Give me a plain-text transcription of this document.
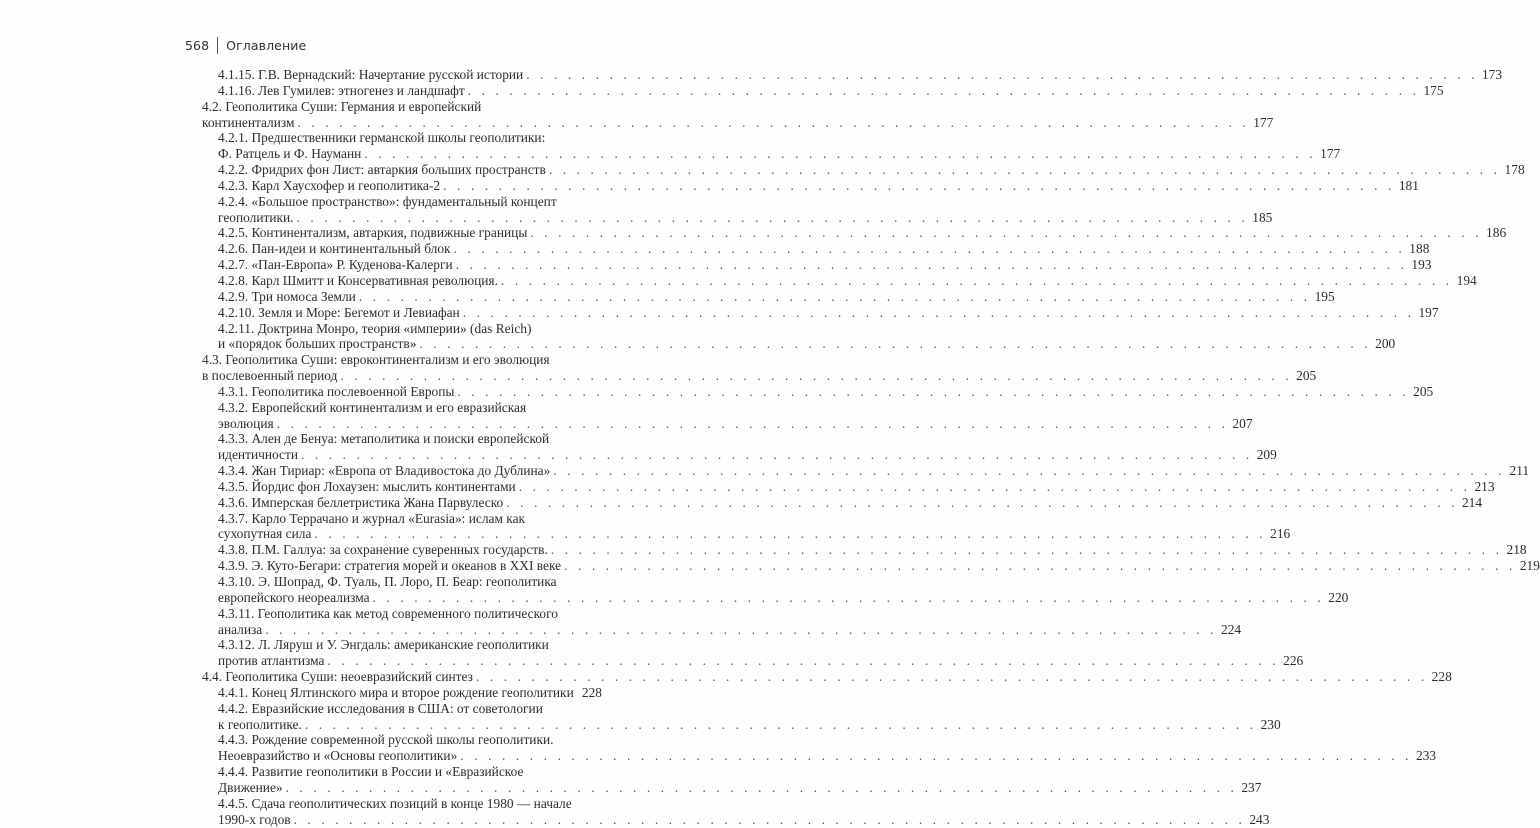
568 Оглавление
4.1.15. Г.В. Вернадский: Начертание русской истории . . . . . . . . . . . . . . . . . . . . . . . . . . . . . . . . . . . . . . . . . . . . . . . . . . . . . . . . . . . . . . . . . . . . . 173
4.1.16. Лев Гумилев: этногенез и ландшафт . . . . . . . . . . . . . . . . . . . . . . . . . . . . . . . . . . . . . . . . . . . . . . . . . . . . . . . . . . . . . . . . . . . . . 175
4.2. Геополитика Суши: Германия и европейский
континентализм . . . . . . . . . . . . . . . . . . . . . . . . . . . . . . . . . . . . . . . . . . . . . . . . . . . . . . . . . . . . . . . . . . . . . 177
4.2.1. Предшественники германской школы геополитики:
Ф. Ратцель и Ф. Науманн . . . . . . . . . . . . . . . . . . . . . . . . . . . . . . . . . . . . . . . . . . . . . . . . . . . . . . . . . . . . . . . . . . . . . 177
4.2.2. Фридрих фон Лист: автаркия больших пространств . . . . . . . . . . . . . . . . . . . . . . . . . . . . . . . . . . . . . . . . . . . . . . . . . . . . . . . . . . . . . . . . . . . . . 178
4.2.3. Карл Хаусхофер и геополитика-2 . . . . . . . . . . . . . . . . . . . . . . . . . . . . . . . . . . . . . . . . . . . . . . . . . . . . . . . . . . . . . . . . . . . . . 181
4.2.4. «Большое пространство»: фундаментальный концепт
геополитики. . . . . . . . . . . . . . . . . . . . . . . . . . . . . . . . . . . . . . . . . . . . . . . . . . . . . . . . . . . . . . . . . . . . . . 185
4.2.5. Континентализм, автаркия, подвижные границы . . . . . . . . . . . . . . . . . . . . . . . . . . . . . . . . . . . . . . . . . . . . . . . . . . . . . . . . . . . . . . . . . . . . . 186
4.2.6. Пан-идеи и континентальный блок . . . . . . . . . . . . . . . . . . . . . . . . . . . . . . . . . . . . . . . . . . . . . . . . . . . . . . . . . . . . . . . . . . . . . 188
4.2.7. «Пан-Европа» Р. Куденова-Калерги . . . . . . . . . . . . . . . . . . . . . . . . . . . . . . . . . . . . . . . . . . . . . . . . . . . . . . . . . . . . . . . . . . . . . 193
4.2.8. Карл Шмитт и Консервативная революция. . . . . . . . . . . . . . . . . . . . . . . . . . . . . . . . . . . . . . . . . . . . . . . . . . . . . . . . . . . . . . . . . . . . . . 194
4.2.9. Три номоса Земли . . . . . . . . . . . . . . . . . . . . . . . . . . . . . . . . . . . . . . . . . . . . . . . . . . . . . . . . . . . . . . . . . . . . . 195
4.2.10. Земля и Море: Бегемот и Левиафан . . . . . . . . . . . . . . . . . . . . . . . . . . . . . . . . . . . . . . . . . . . . . . . . . . . . . . . . . . . . . . . . . . . . . 197
4.2.11. Доктрина Монро, теория «империи» (das Reich)
и «порядок больших пространств» . . . . . . . . . . . . . . . . . . . . . . . . . . . . . . . . . . . . . . . . . . . . . . . . . . . . . . . . . . . . . . . . . . . . . 200
4.3. Геополитика Суши: евроконтинентализм и его эволюция
в послевоенный период . . . . . . . . . . . . . . . . . . . . . . . . . . . . . . . . . . . . . . . . . . . . . . . . . . . . . . . . . . . . . . . . . . . . . 205
4.3.1. Геополитика послевоенной Европы . . . . . . . . . . . . . . . . . . . . . . . . . . . . . . . . . . . . . . . . . . . . . . . . . . . . . . . . . . . . . . . . . . . . . 205
4.3.2. Европейский континентализм и его евразийская
эволюция . . . . . . . . . . . . . . . . . . . . . . . . . . . . . . . . . . . . . . . . . . . . . . . . . . . . . . . . . . . . . . . . . . . . . 207
4.3.3. Ален де Бенуа: метаполитика и поиски европейской
идентичности . . . . . . . . . . . . . . . . . . . . . . . . . . . . . . . . . . . . . . . . . . . . . . . . . . . . . . . . . . . . . . . . . . . . . 209
4.3.4. Жан Тириар: «Европа от Владивостока до Дублина» . . . . . . . . . . . . . . . . . . . . . . . . . . . . . . . . . . . . . . . . . . . . . . . . . . . . . . . . . . . . . . . . . . . . . 211
4.3.5. Йордис фон Лохаузен: мыслить континентами . . . . . . . . . . . . . . . . . . . . . . . . . . . . . . . . . . . . . . . . . . . . . . . . . . . . . . . . . . . . . . . . . . . . . 213
4.3.6. Имперская беллетристика Жана Парвулеско . . . . . . . . . . . . . . . . . . . . . . . . . . . . . . . . . . . . . . . . . . . . . . . . . . . . . . . . . . . . . . . . . . . . . 214
4.3.7. Карло Террачано и журнал «Eurasia»: ислам как
сухопутная сила . . . . . . . . . . . . . . . . . . . . . . . . . . . . . . . . . . . . . . . . . . . . . . . . . . . . . . . . . . . . . . . . . . . . . 216
4.3.8. П.М. Галлуа: за сохранение суверенных государств. . . . . . . . . . . . . . . . . . . . . . . . . . . . . . . . . . . . . . . . . . . . . . . . . . . . . . . . . . . . . . . . . . . . . . 218
4.3.9. Э. Куто-Бегари: стратегия морей и океанов в XXI веке . . . . . . . . . . . . . . . . . . . . . . . . . . . . . . . . . . . . . . . . . . . . . . . . . . . . . . . . . . . . . . . . . . . . . 219
4.3.10. Э. Шопрад, Ф. Туаль, П. Лоро, П. Беар: геополитика
европейского неореализма . . . . . . . . . . . . . . . . . . . . . . . . . . . . . . . . . . . . . . . . . . . . . . . . . . . . . . . . . . . . . . . . . . . . . 220
4.3.11. Геополитика как метод современного политического
анализа . . . . . . . . . . . . . . . . . . . . . . . . . . . . . . . . . . . . . . . . . . . . . . . . . . . . . . . . . . . . . . . . . . . . . 224
4.3.12. Л. Ляруш и У. Энгдаль: американские геополитики
против атлантизма . . . . . . . . . . . . . . . . . . . . . . . . . . . . . . . . . . . . . . . . . . . . . . . . . . . . . . . . . . . . . . . . . . . . . 226
4.4. Геополитика Суши: неоевразийский синтез . . . . . . . . . . . . . . . . . . . . . . . . . . . . . . . . . . . . . . . . . . . . . . . . . . . . . . . . . . . . . . . . . . . . . 228
4.4.1. Конец Ялтинского мира и второе рождение геополитики 228
4.4.2. Евразийские исследования в США: от советологии
к геополитике. . . . . . . . . . . . . . . . . . . . . . . . . . . . . . . . . . . . . . . . . . . . . . . . . . . . . . . . . . . . . . . . . . . . . . 230
4.4.3. Рождение современной русской школы геополитики.
Неоевразийство и «Основы геополитики» . . . . . . . . . . . . . . . . . . . . . . . . . . . . . . . . . . . . . . . . . . . . . . . . . . . . . . . . . . . . . . . . . . . . . 233
4.4.4. Развитие геополитики в России и «Евразийское
Движение» . . . . . . . . . . . . . . . . . . . . . . . . . . . . . . . . . . . . . . . . . . . . . . . . . . . . . . . . . . . . . . . . . . . . . 237
4.4.5. Сдача геополитических позиций в конце 1980 — начале
1990-х годов . . . . . . . . . . . . . . . . . . . . . . . . . . . . . . . . . . . . . . . . . . . . . . . . . . . . . . . . . . . . . . . . . . . . . 243
